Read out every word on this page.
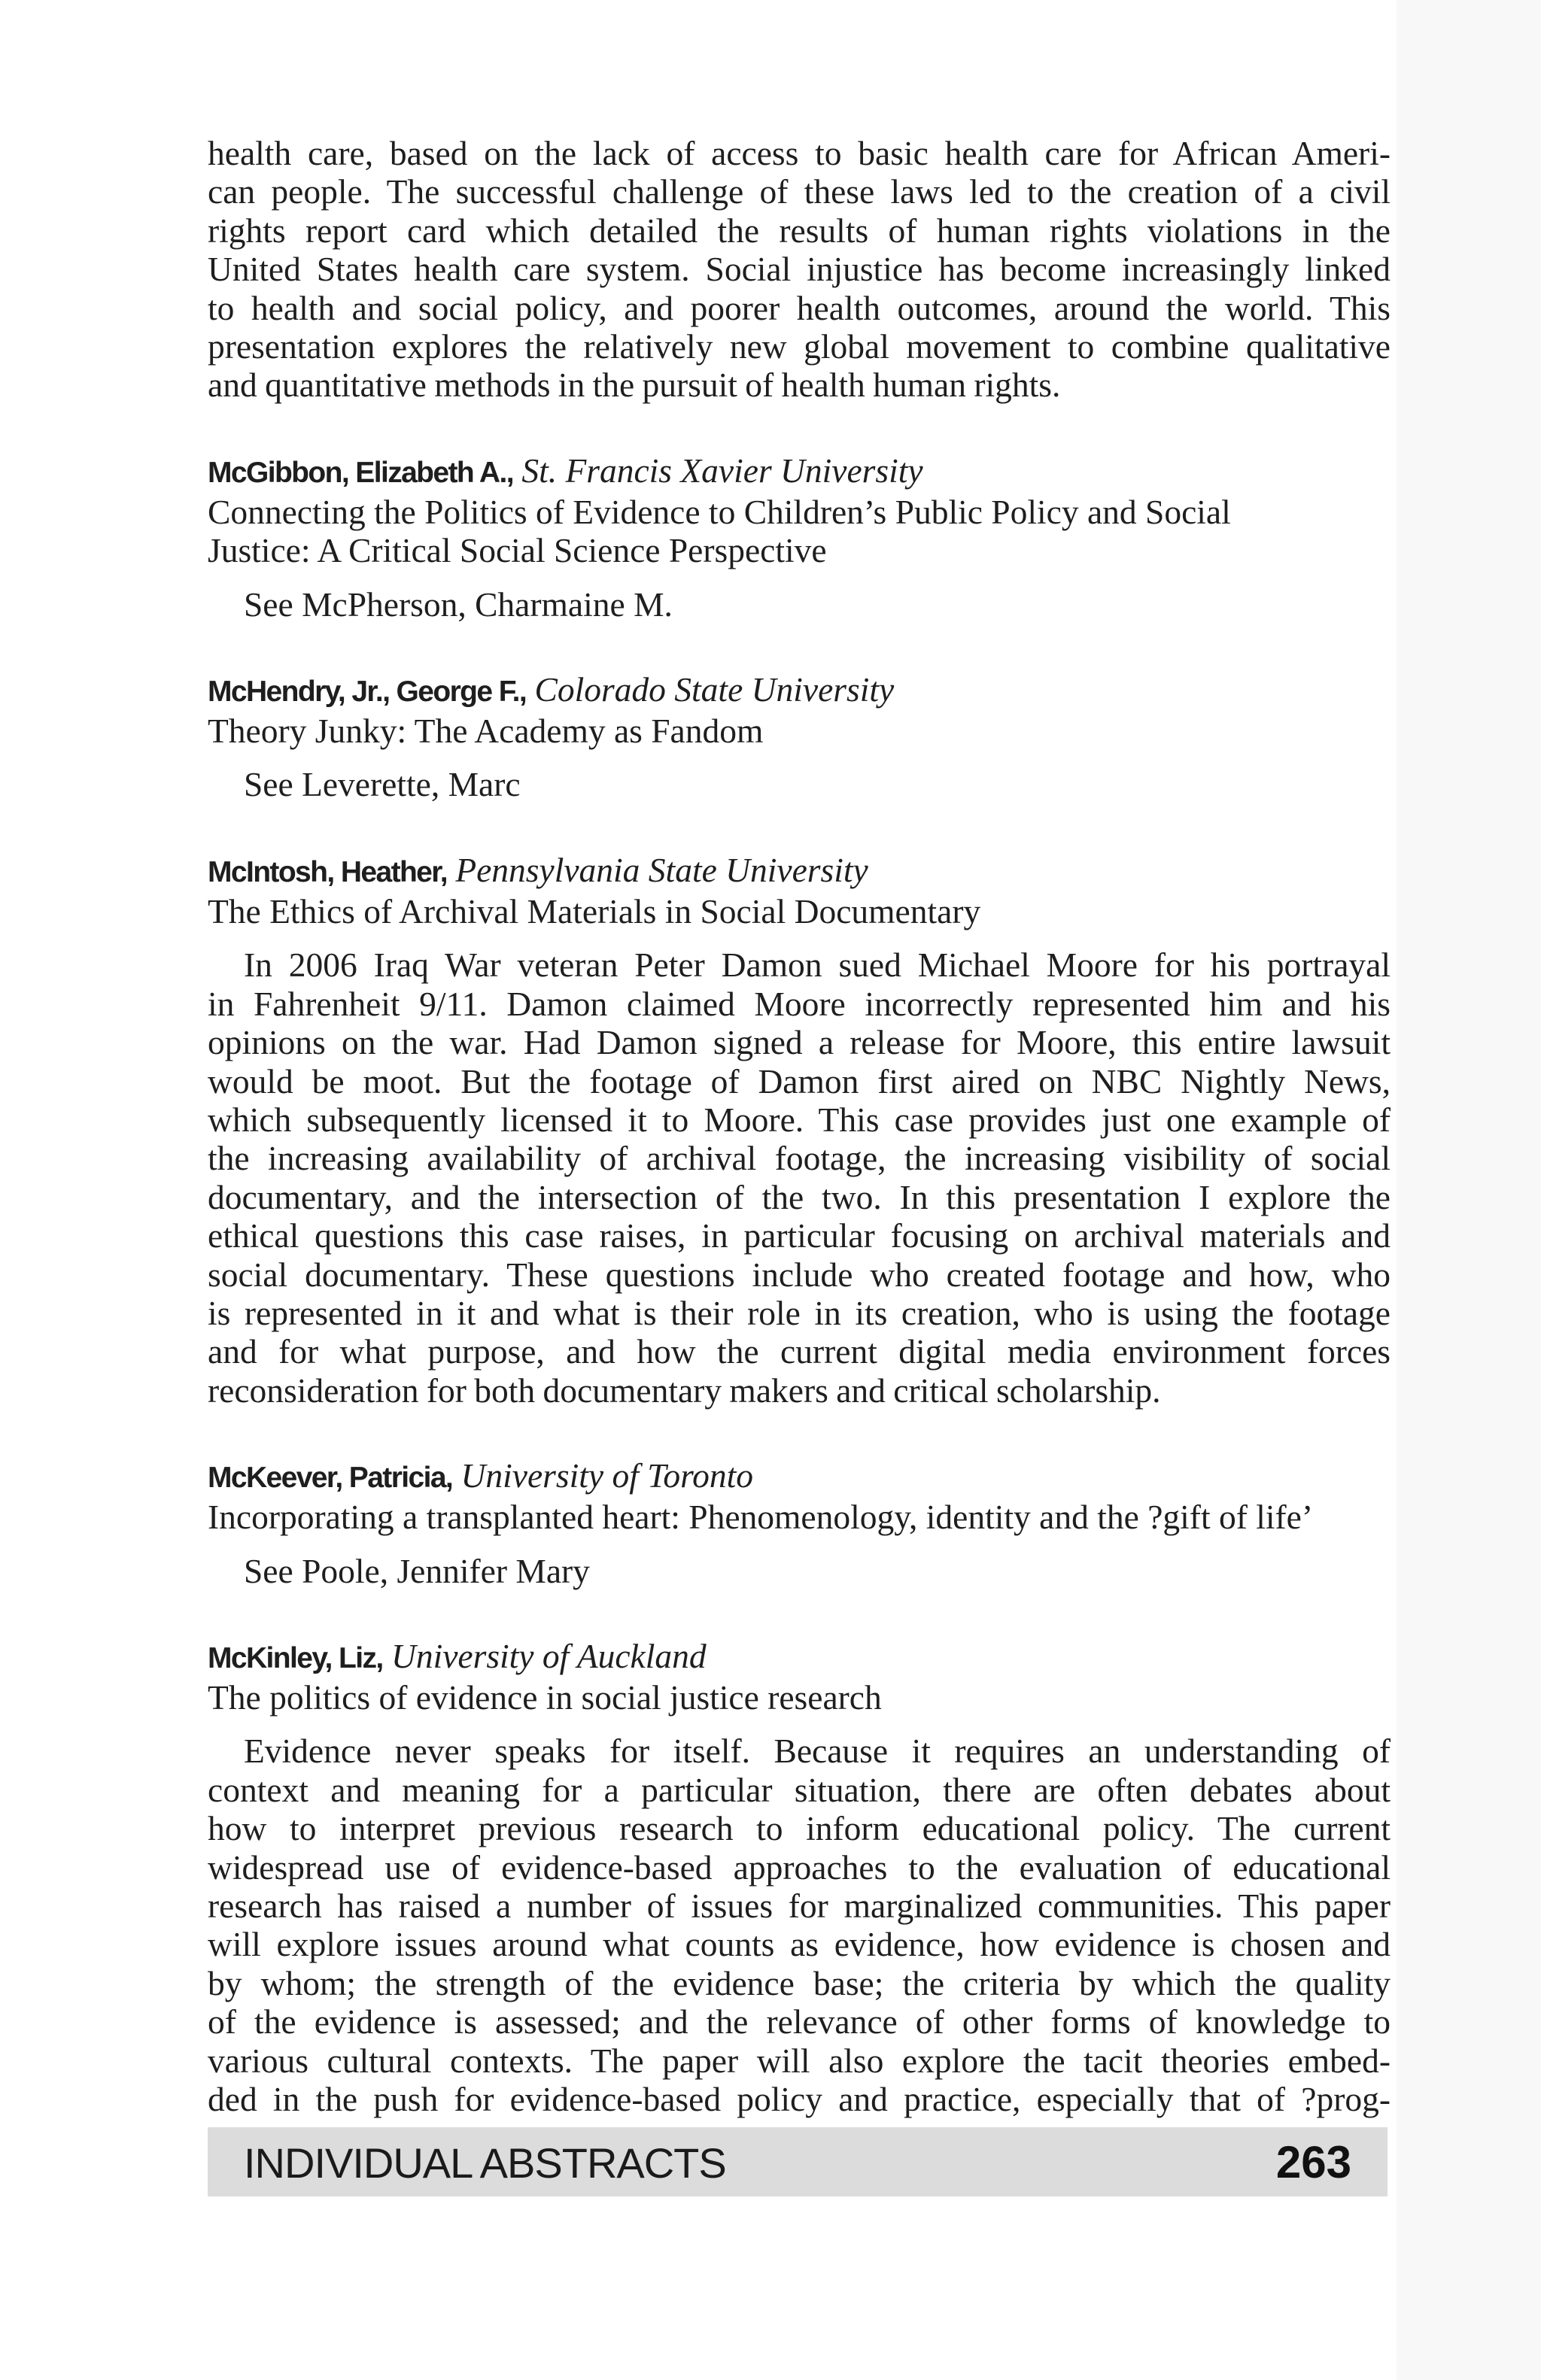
health care, based on the lack of access to basic health care for African Ameri-
can people. The successful challenge of these laws led to the creation of a civil
rights report card which detailed the results of human rights violations in the
United States health care system. Social injustice has become increasingly linked
to health and social policy, and poorer health outcomes, around the world. This
presentation explores the relatively new global movement to combine qualitative
and quantitative methods in the pursuit of health human rights.

McGibbon, Elizabeth A., St. Francis Xavier University
Connecting the Politics of Evidence to Children’s Public Policy and Social
Justice: A Critical Social Science Perspective
See McPherson, Charmaine M.
McHendry, Jr., George F., Colorado State University
Theory Junky: The Academy as Fandom
See Leverette, Marc
McIntosh, Heather, Pennsylvania State University
The Ethics of Archival Materials in Social Documentary

In 2006 Iraq War veteran Peter Damon sued Michael Moore for his portrayal
in Fahrenheit 9/11. Damon claimed Moore incorrectly represented him and his
opinions on the war. Had Damon signed a release for Moore, this entire lawsuit
would be moot. But the footage of Damon first aired on NBC Nightly News,
which subsequently licensed it to Moore. This case provides just one example of
the increasing availability of archival footage, the increasing visibility of social
documentary, and the intersection of the two. In this presentation I explore the
ethical questions this case raises, in particular focusing on archival materials and
social documentary. These questions include who created footage and how, who
is represented in it and what is their role in its creation, who is using the footage
and for what purpose, and how the current digital media environment forces
reconsideration for both documentary makers and critical scholarship.

McKeever, Patricia, University of Toronto
Incorporating a transplanted heart: Phenomenology, identity and the ?gift of life’
See Poole, Jennifer Mary
McKinley, Liz, University of Auckland
The politics of evidence in social justice research

Evidence never speaks for itself. Because it requires an understanding of
context and meaning for a particular situation, there are often debates about
how to interpret previous research to inform educational policy. The current
widespread use of evidence-based approaches to the evaluation of educational
research has raised a number of issues for marginalized communities. This paper
will explore issues around what counts as evidence, how evidence is chosen and
by whom; the strength of the evidence base; the criteria by which the quality
of the evidence is assessed; and the relevance of other forms of knowledge to
various cultural contexts. The paper will also explore the tacit theories embed-
ded in the push for evidence-based policy and practice, especially that of ?prog-

INDIVIDUAL ABSTRACTS	263
